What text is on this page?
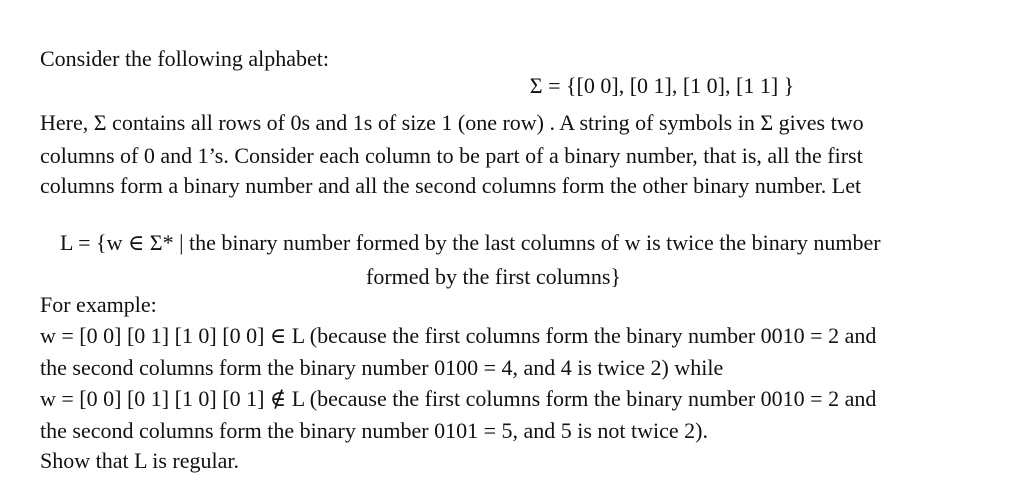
Consider the following alphabet:
Σ = {[0 0], [0 1], [1 0], [1 1] }
Here, Σ contains all rows of 0s and 1s of size 1 (one row) . A string of symbols in Σ gives two
columns of 0 and 1’s. Consider each column to be part of a binary number, that is, all the first
columns form a binary number and all the second columns form the other binary number. Let
L = {w ∈ Σ* | the binary number formed by the last columns of w is twice the binary number
formed by the first columns}
For example:
w = [0 0] [0 1] [1 0] [0 0] ∈ L (because the first columns form the binary number 0010 = 2 and
the second columns form the binary number 0100 = 4, and 4 is twice 2) while
w = [0 0] [0 1] [1 0] [0 1] ∉ L (because the first columns form the binary number 0010 = 2 and
the second columns form the binary number 0101 = 5, and 5 is not twice 2).
Show that L is regular.
